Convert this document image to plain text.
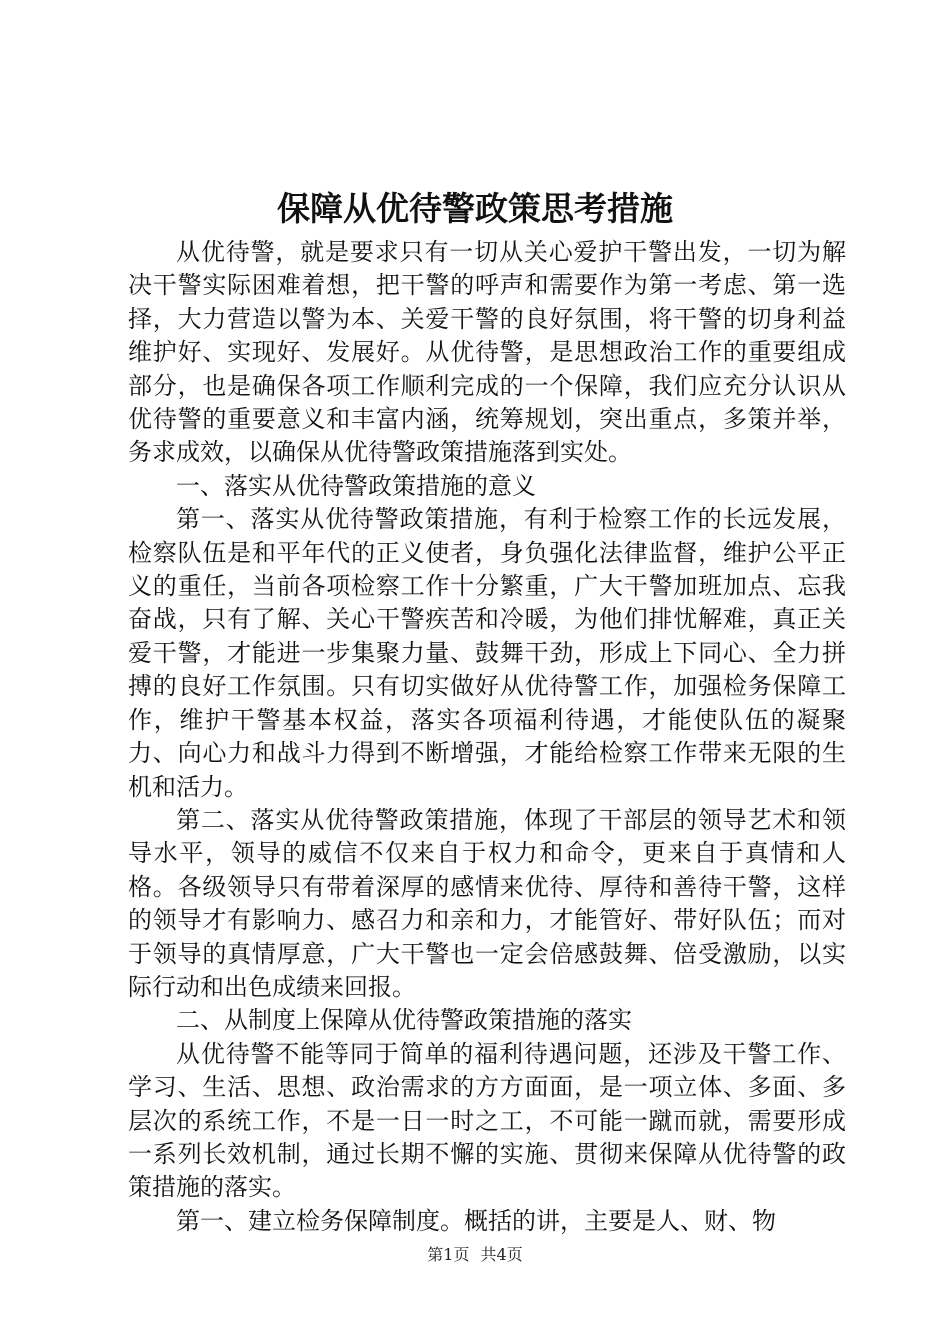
保障从优待警政策思考措施

从优待警，就是要求只有一切从关心爱护干警出发，一切为解决干警实际困难着想，把干警的呼声和需要作为第一考虑、第一选择，大力营造以警为本、关爱干警的良好氛围，将干警的切身利益维护好、实现好、发展好。从优待警，是思想政治工作的重要组成部分，也是确保各项工作顺利完成的一个保障，我们应充分认识从优待警的重要意义和丰富内涵，统筹规划，突出重点，多策并举，务求成效，以确保从优待警政策措施落到实处。

一、落实从优待警政策措施的意义

第一、落实从优待警政策措施，有利于检察工作的长远发展，检察队伍是和平年代的正义使者，身负强化法律监督，维护公平正义的重任，当前各项检察工作十分繁重，广大干警加班加点、忘我奋战，只有了解、关心干警疾苦和冷暖，为他们排忧解难，真正关爱干警，才能进一步集聚力量、鼓舞干劲，形成上下同心、全力拼搏的良好工作氛围。只有切实做好从优待警工作，加强检务保障工作，维护干警基本权益，落实各项福利待遇，才能使队伍的凝聚力、向心力和战斗力得到不断增强，才能给检察工作带来无限的生机和活力。

第二、落实从优待警政策措施，体现了干部层的领导艺术和领导水平，领导的威信不仅来自于权力和命令，更来自于真情和人格。各级领导只有带着深厚的感情来优待、厚待和善待干警，这样的领导才有影响力、感召力和亲和力，才能管好、带好队伍；而对于领导的真情厚意，广大干警也一定会倍感鼓舞、倍受激励，以实际行动和出色成绩来回报。

二、从制度上保障从优待警政策措施的落实

从优待警不能等同于简单的福利待遇问题，还涉及干警工作、学习、生活、思想、政治需求的方方面面，是一项立体、多面、多层次的系统工作，不是一日一时之工，不可能一蹴而就，需要形成一系列长效机制，通过长期不懈的实施、贯彻来保障从优待警的政策措施的落实。

第一、建立检务保障制度。概括的讲，主要是人、财、物

第1页 共4页
